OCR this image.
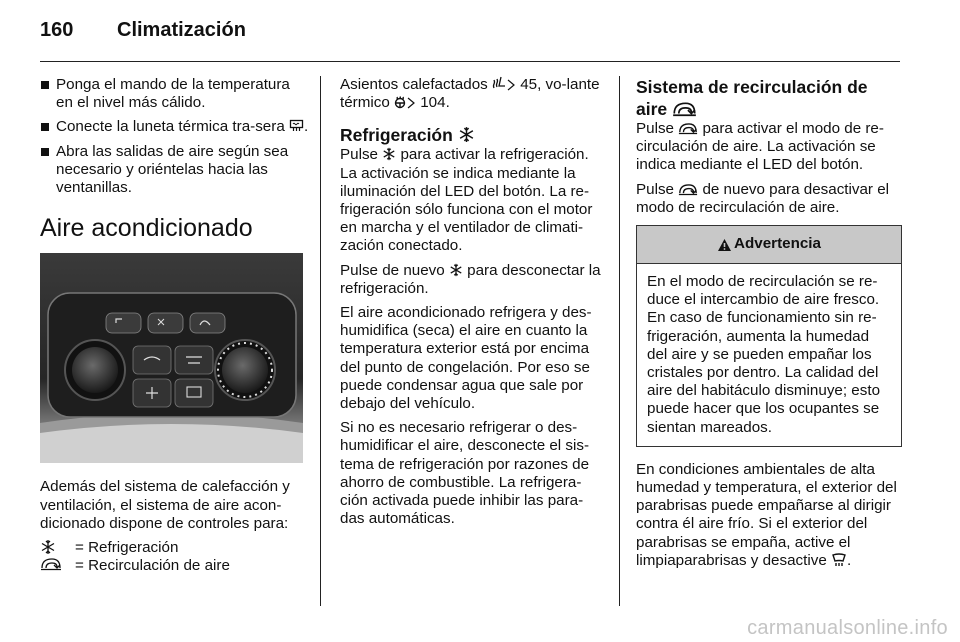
160 Climatización
Ponga el mando de la temperatura en el nivel más cálido.
Conecte la luneta térmica tra-sera
.
Abra las salidas de aire según sea necesario y oriéntelas hacia las ventanillas.
Aire acondicionado

Además del sistema de calefacción y ventilación, el sistema de aire acon-dicionado dispone de controles para:

= Refrigeración
= Recirculación de aire

Asientos calefactados
45, vo-lante térmico
104.

Refrigeración

Pulse
para activar la refrigeración. La activación se indica mediante la iluminación del LED del botón. La re-frigeración sólo funciona con el motor en marcha y el ventilador de climati-zación conectado.

Pulse de nuevo
para desconectar la refrigeración.

El aire acondicionado refrigera y des-humidifica (seca) el aire en cuanto la temperatura exterior está por encima del punto de congelación. Por eso se puede condensar agua que sale por debajo del vehículo.

Si no es necesario refrigerar o des-humidificar el aire, desconecte el sis-tema de refrigeración por razones de ahorro de combustible. La refrigera-ción activada puede inhibir las para-das automáticas.

Sistema de recirculación de aire

Pulse
para activar el modo de re-circulación de aire. La activación se indica mediante el LED del botón.

Pulse
de nuevo para desactivar el modo de recirculación de aire.

Advertencia
En el modo de recirculación se re-duce el intercambio de aire fresco. En caso de funcionamiento sin re-frigeración, aumenta la humedad del aire y se pueden empañar los cristales por dentro. La calidad del aire del habitáculo disminuye; esto puede hacer que los ocupantes se sientan mareados.

En condiciones ambientales de alta humedad y temperatura, el exterior del parabrisas puede empañarse al dirigir contra él aire frío. Si el exterior del parabrisas se empaña, active el limpiaparabrisas y desactive
.

carmanualsonline.info
